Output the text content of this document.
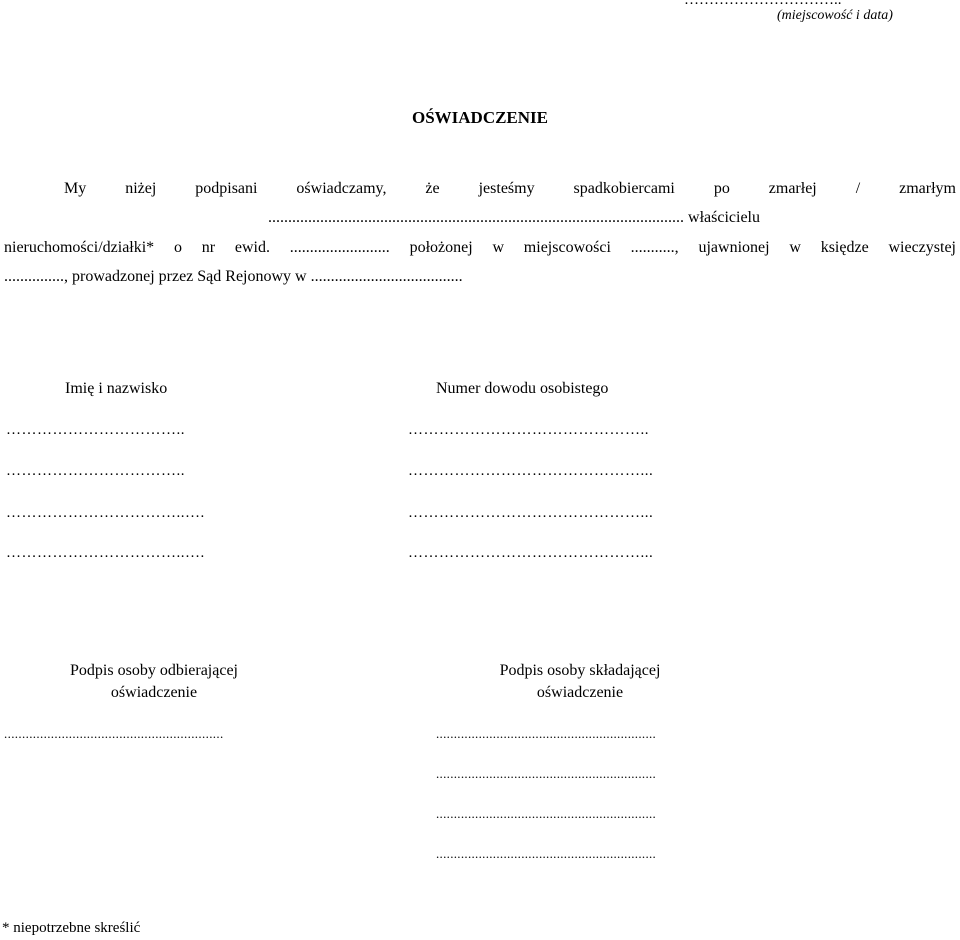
…………………………..
(miejscowość i data)
OŚWIADCZENIE
My niżej podpisani oświadczamy, że jesteśmy spadkobiercami po zmarłej / zmarłym
........................................................................................................ właścicielu
nieruchomości/działki* o nr ewid. ......................... położonej w miejscowości ..........., ujawnionej w księdze wieczystej
..............., prowadzonej przez Sąd Rejonowy w ......................................
Imię i nazwisko	Numer dowodu osobistego
……………………………..
……………………………..
……………………………..….
……………………………..….
………………………………………..
………………………………………...
………………………………………...
………………………………………...
Podpis osoby odbierającej oświadczenie
Podpis osoby składającej oświadczenie
.............................................................	..............................................................
..............................................................
..............................................................
..............................................................
* niepotrzebne skreślić
